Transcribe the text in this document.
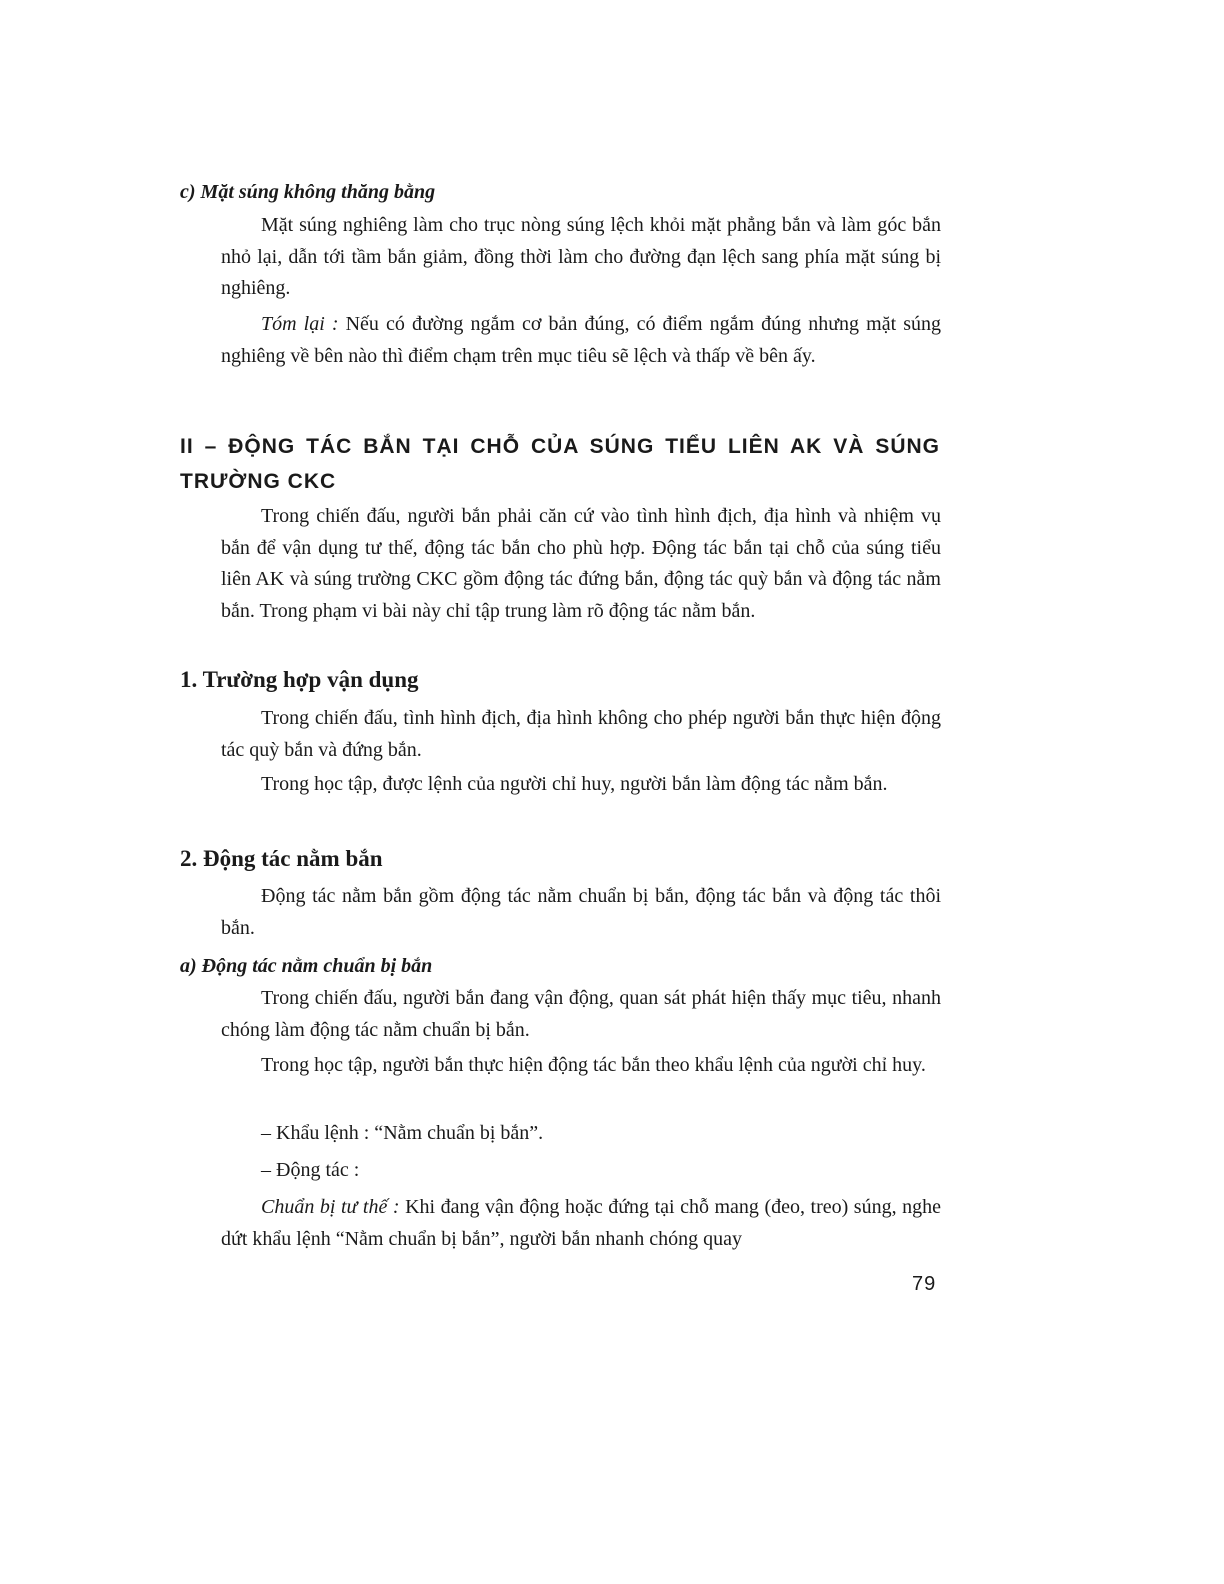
c) Mặt súng không thăng bằng

Mặt súng nghiêng làm cho trục nòng súng lệch khỏi mặt phẳng bắn và làm góc bắn nhỏ lại, dẫn tới tầm bắn giảm, đồng thời làm cho đường đạn lệch sang phía mặt súng bị nghiêng.

Tóm lại : Nếu có đường ngắm cơ bản đúng, có điểm ngắm đúng nhưng mặt súng nghiêng về bên nào thì điểm chạm trên mục tiêu sẽ lệch và thấp về bên ấy.

II – ĐỘNG TÁC BẮN TẠI CHỖ CỦA SÚNG TIỂU LIÊN AK VÀ SÚNG TRƯỜNG CKC

Trong chiến đấu, người bắn phải căn cứ vào tình hình địch, địa hình và nhiệm vụ bắn để vận dụng tư thế, động tác bắn cho phù hợp. Động tác bắn tại chỗ của súng tiểu liên AK và súng trường CKC gồm động tác đứng bắn, động tác quỳ bắn và động tác nằm bắn. Trong phạm vi bài này chỉ tập trung làm rõ động tác nằm bắn.

1. Trường hợp vận dụng

Trong chiến đấu, tình hình địch, địa hình không cho phép người bắn thực hiện động tác quỳ bắn và đứng bắn.

Trong học tập, được lệnh của người chỉ huy, người bắn làm động tác nằm bắn.

2. Động tác nằm bắn

Động tác nằm bắn gồm động tác nằm chuẩn bị bắn, động tác bắn và động tác thôi bắn.

a) Động tác nằm chuẩn bị bắn

Trong chiến đấu, người bắn đang vận động, quan sát phát hiện thấy mục tiêu, nhanh chóng làm động tác nằm chuẩn bị bắn.

Trong học tập, người bắn thực hiện động tác bắn theo khẩu lệnh của người chỉ huy.

– Khẩu lệnh : “Nằm chuẩn bị bắn”.

– Động tác :

Chuẩn bị tư thế : Khi đang vận động hoặc đứng tại chỗ mang (đeo, treo) súng, nghe dứt khẩu lệnh “Nằm chuẩn bị bắn”, người bắn nhanh chóng quay

79
